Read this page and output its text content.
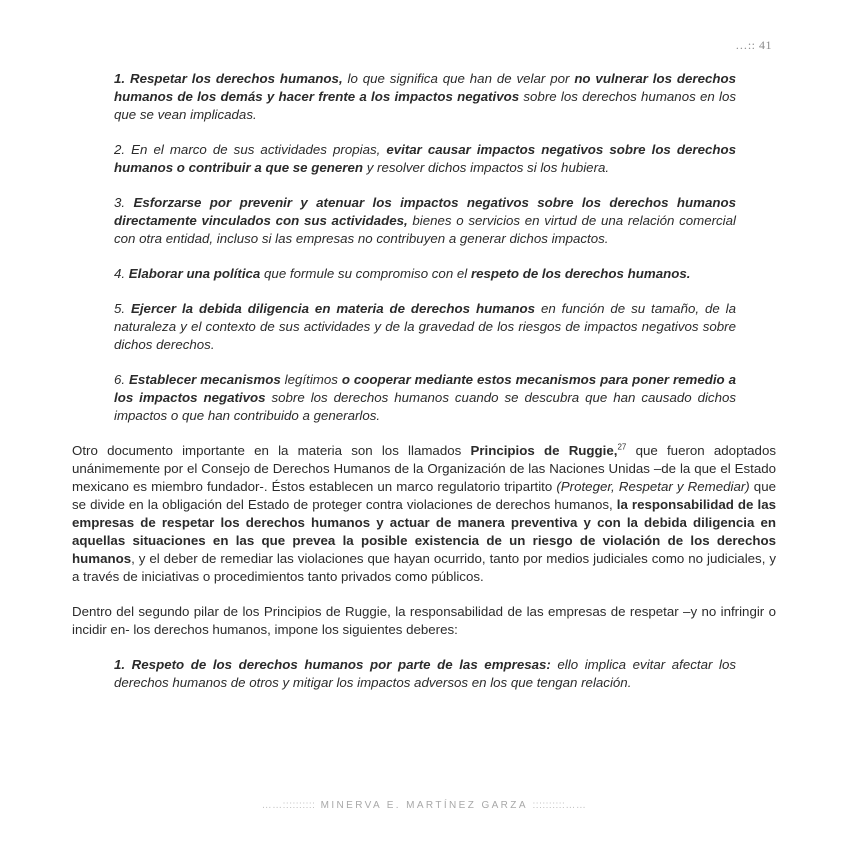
…:: 41

1. Respetar los derechos humanos, lo que significa que han de velar por no vulnerar los derechos humanos de los demás y hacer frente a los impactos negativos sobre los derechos humanos en los que se vean implicadas.

2. En el marco de sus actividades propias, evitar causar impactos negativos sobre los derechos humanos o contribuir a que se generen y resolver dichos impactos si los hubiera.

3. Esforzarse por prevenir y atenuar los impactos negativos sobre los derechos humanos directamente vinculados con sus actividades, bienes o servicios en virtud de una relación comercial con otra entidad, incluso si las empresas no contribuyen a generar dichos impactos.

4. Elaborar una política que formule su compromiso con el respeto de los derechos humanos.

5. Ejercer la debida diligencia en materia de derechos humanos en función de su tamaño, de la naturaleza y el contexto de sus actividades y de la gravedad de los riesgos de impactos negativos sobre dichos derechos.

6. Establecer mecanismos legítimos o cooperar mediante estos mecanismos para poner remedio a los impactos negativos sobre los derechos humanos cuando se descubra que han causado dichos impactos o que han contribuido a generarlos.

Otro documento importante en la materia son los llamados Principios de Ruggie,$^{27}$ que fueron adoptados unánimemente por el Consejo de Derechos Humanos de la Organización de las Naciones Unidas –de la que el Estado mexicano es miembro fundador-. Éstos establecen un marco regulatorio tripartito (Proteger, Respetar y Remediar) que se divide en la obligación del Estado de proteger contra violaciones de derechos humanos, la responsabilidad de las empresas de respetar los derechos humanos y actuar de manera preventiva y con la debida diligencia en aquellas situaciones en las que prevea la posible existencia de un riesgo de violación de los derechos humanos, y el deber de remediar las violaciones que hayan ocurrido, tanto por medios judiciales como no judiciales, y a través de iniciativas o procedimientos tanto privados como públicos.

Dentro del segundo pilar de los Principios de Ruggie, la responsabilidad de las empresas de respetar –y no infringir o incidir en- los derechos humanos, impone los siguientes deberes:

1. Respeto de los derechos humanos por parte de las empresas: ello implica evitar afectar los derechos humanos de otros y mitigar los impactos adversos en los que tengan relación.

……:::::::::: MINERVA E. MARTÍNEZ GARZA ::::::::::……
